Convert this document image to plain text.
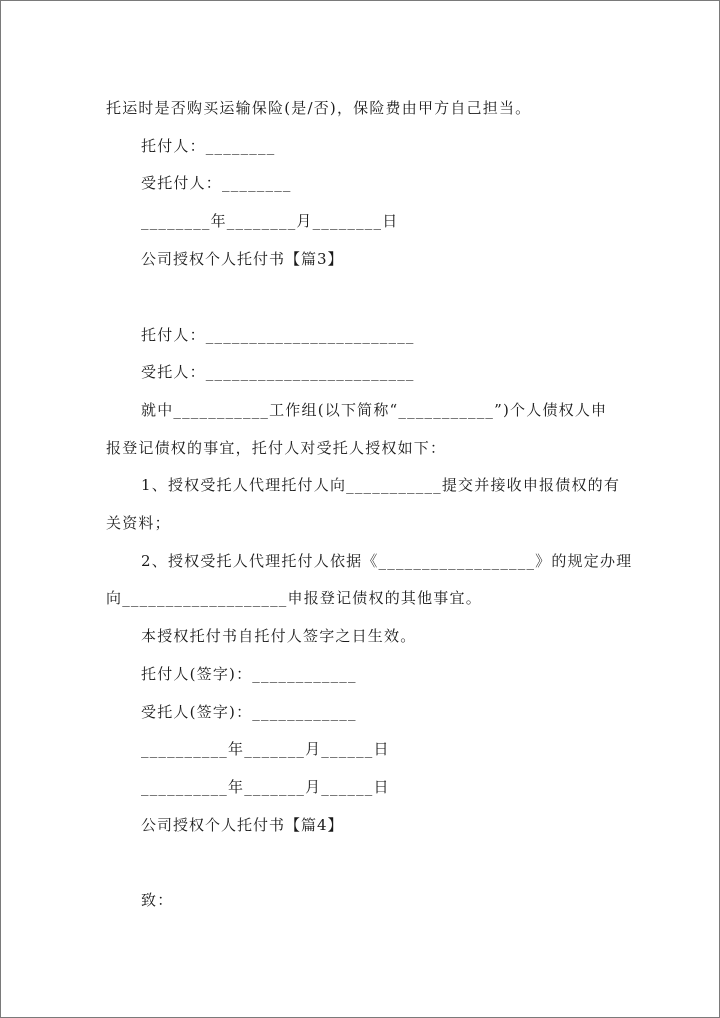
托运时是否购买运输保险(是/否)，保险费由甲方自己担当。
托付人：________
受托付人：________
________年________月________日
公司授权个人托付书【篇3】
托付人：________________________
受托人：________________________
就中___________工作组(以下简称“___________”)个人债权人申
报登记债权的事宜，托付人对受托人授权如下：
1、授权受托人代理托付人向___________提交并接收申报债权的有
关资料；
2、授权受托人代理托付人依据《__________________》的规定办理
向___________________申报登记债权的其他事宜。
本授权托付书自托付人签字之日生效。
托付人(签字)：____________
受托人(签字)：____________
__________年_______月______日
__________年_______月______日
公司授权个人托付书【篇4】
致：
